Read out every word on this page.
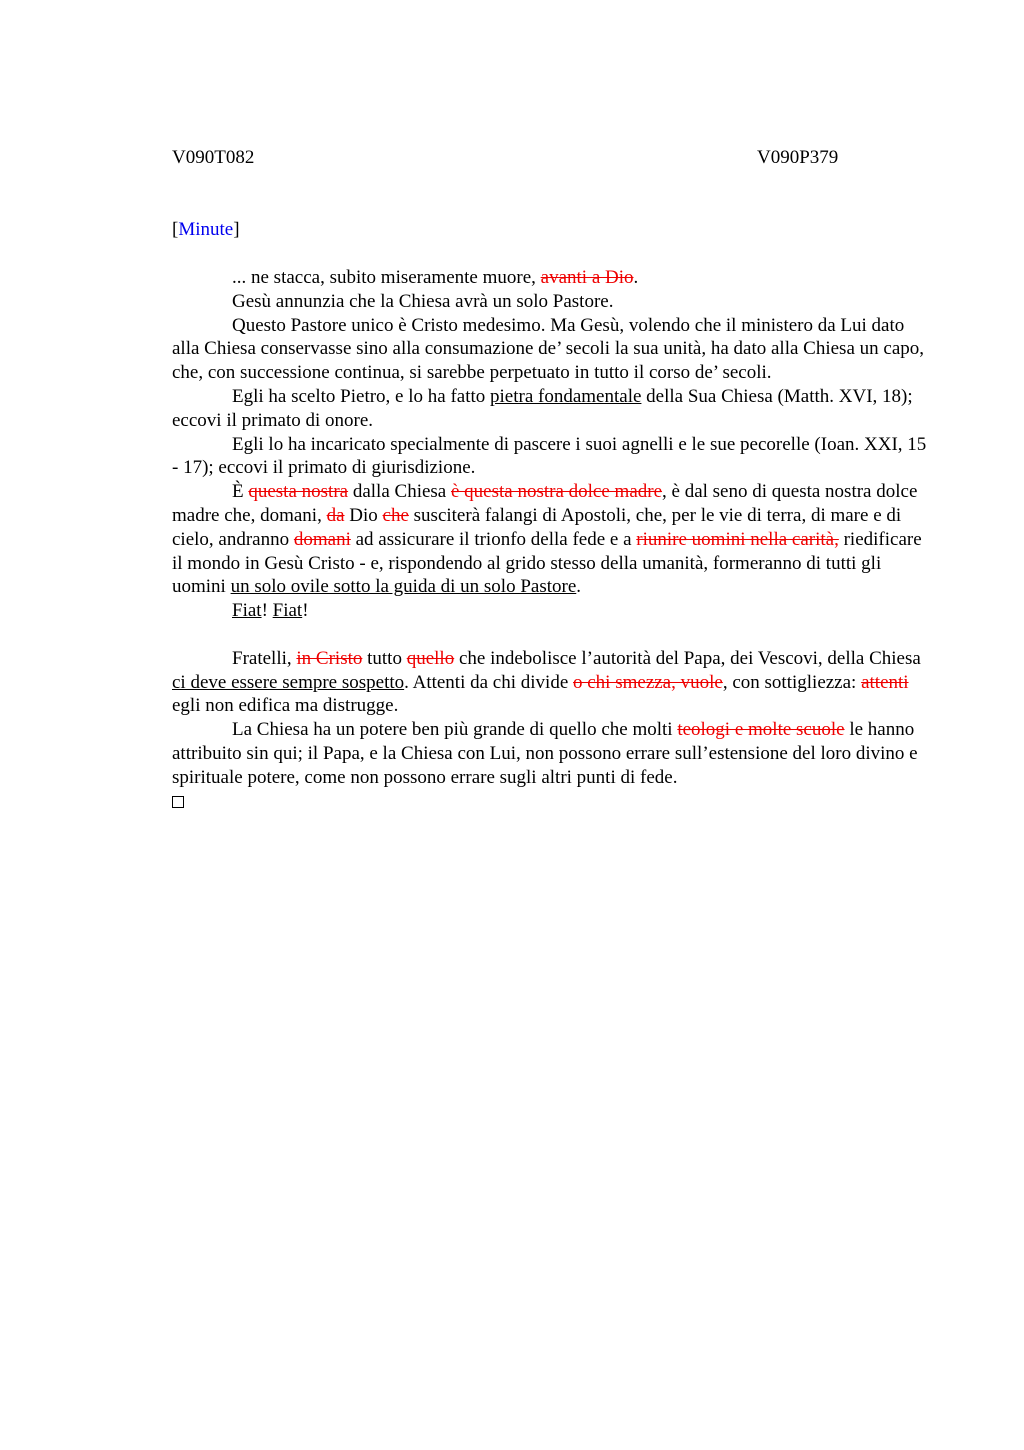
V090T082	V090P379
[Minute]

... ne stacca, subito miseramente muore, avanti a Dio.

Gesù annunzia che la Chiesa avrà un solo Pastore.

Questo Pastore unico è Cristo medesimo. Ma Gesù, volendo che il ministero da Lui dato alla Chiesa conservasse sino alla consumazione de’ secoli la sua unità, ha dato alla Chiesa un capo, che, con successione continua, si sarebbe perpetuato in tutto il corso de’ secoli.

Egli ha scelto Pietro, e lo ha fatto pietra fondamentale della Sua Chiesa (Matth. XVI, 18); eccovi il primato di onore.

Egli lo ha incaricato specialmente di pascere i suoi agnelli e le sue pecorelle (Ioan. XXI, 15 - 17); eccovi il primato di giurisdizione.

È questa nostra dalla Chiesa è questa nostra dolce madre, è dal seno di questa nostra dolce madre che, domani, da Dio che susciterà falangi di Apostoli, che, per le vie di terra, di mare e di cielo, andranno domani ad assicurare il trionfo della fede e a riunire uomini nella carità, riedificare il mondo in Gesù Cristo - e, rispondendo al grido stesso della umanità, formeranno di tutti gli uomini un solo ovile sotto la guida di un solo Pastore.

Fiat! Fiat!

Fratelli, in Cristo tutto quello che indebolisce l’autorità del Papa, dei Vescovi, della Chiesa ci deve essere sempre sospetto. Attenti da chi divide o chi smezza, vuole, con sottigliezza: attenti egli non edifica ma distrugge.

La Chiesa ha un potere ben più grande di quello che molti teologi e molte scuole le hanno attribuito sin qui; il Papa, e la Chiesa con Lui, non possono errare sull’estensione del loro divino e spirituale potere, come non possono errare sugli altri punti di fede.
